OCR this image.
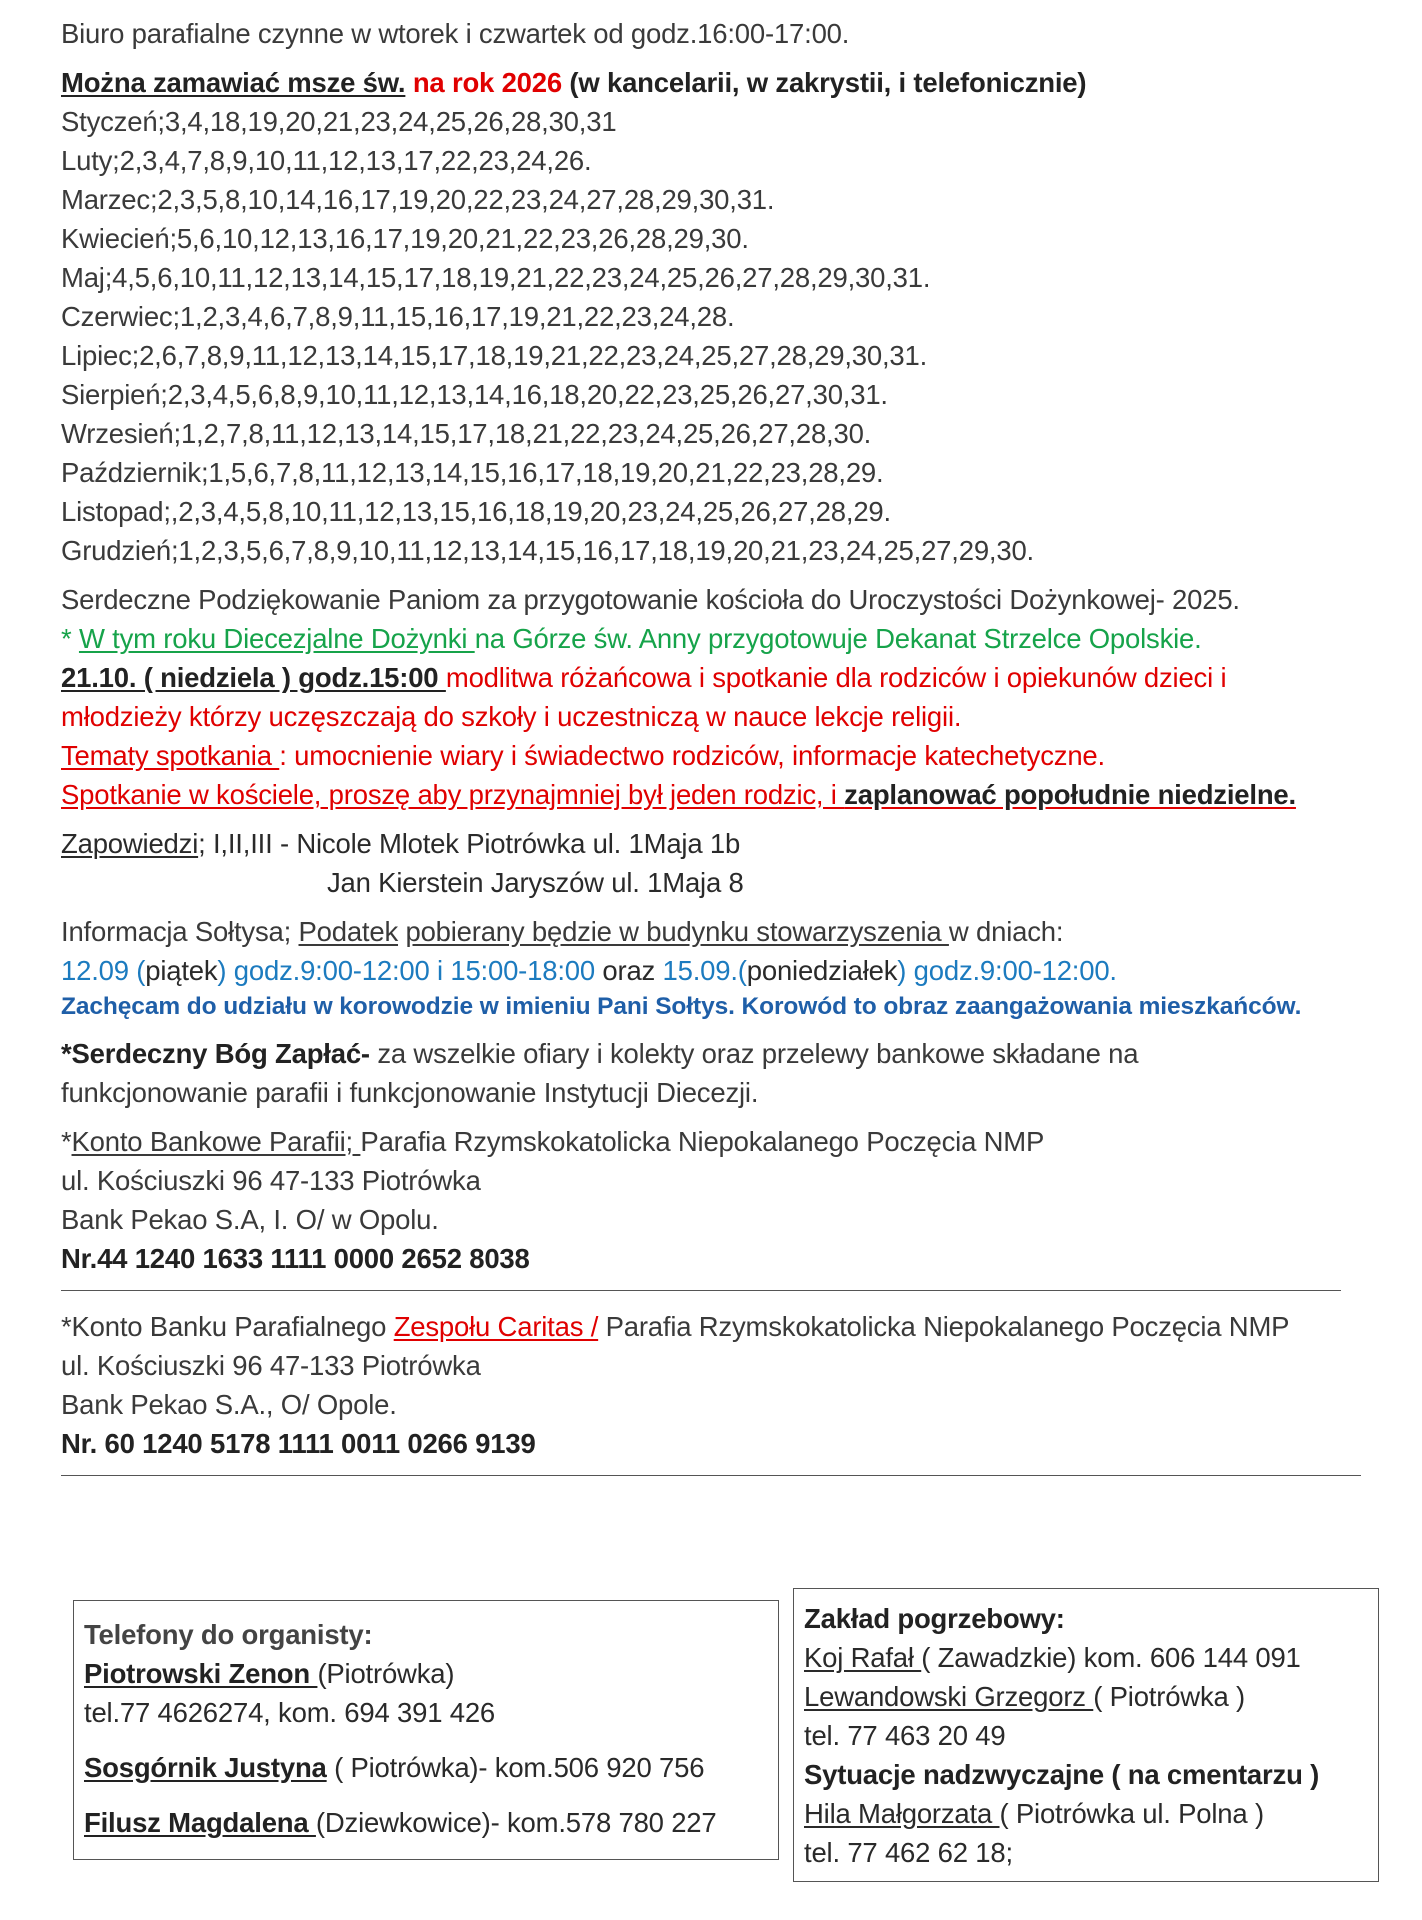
Biuro parafialne czynne w wtorek i czwartek od godz.16:00-17:00.
Można zamawiać msze św. na rok 2026 (w kancelarii, w zakrystii, i telefonicznie)
Styczeń;3,4,18,19,20,21,23,24,25,26,28,30,31
Luty;2,3,4,7,8,9,10,11,12,13,17,22,23,24,26.
Marzec;2,3,5,8,10,14,16,17,19,20,22,23,24,27,28,29,30,31.
Kwiecień;5,6,10,12,13,16,17,19,20,21,22,23,26,28,29,30.
Maj;4,5,6,10,11,12,13,14,15,17,18,19,21,22,23,24,25,26,27,28,29,30,31.
Czerwiec;1,2,3,4,6,7,8,9,11,15,16,17,19,21,22,23,24,28.
Lipiec;2,6,7,8,9,11,12,13,14,15,17,18,19,21,22,23,24,25,27,28,29,30,31.
Sierpień;2,3,4,5,6,8,9,10,11,12,13,14,16,18,20,22,23,25,26,27,30,31.
Wrzesień;1,2,7,8,11,12,13,14,15,17,18,21,22,23,24,25,26,27,28,30.
Październik;1,5,6,7,8,11,12,13,14,15,16,17,18,19,20,21,22,23,28,29.
Listopad;,2,3,4,5,8,10,11,12,13,15,16,18,19,20,23,24,25,26,27,28,29.
Grudzień;1,2,3,5,6,7,8,9,10,11,12,13,14,15,16,17,18,19,20,21,23,24,25,27,29,30.
Serdeczne Podziękowanie Paniom za przygotowanie kościoła do Uroczystości Dożynkowej- 2025.
* W tym roku Diecezjalne Dożynki na Górze św. Anny przygotowuje Dekanat Strzelce Opolskie.
21.10. ( niedziela ) godz.15:00 modlitwa różańcowa i spotkanie dla rodziców i opiekunów dzieci i
młodzieży którzy uczęszczają do szkoły i uczestniczą w nauce lekcje religii.
Tematy spotkania : umocnienie wiary i świadectwo rodziców, informacje katechetyczne.
Spotkanie w kościele, proszę aby przynajmniej był jeden rodzic, i zaplanować popołudnie niedzielne.
Zapowiedzi; I,II,III - Nicole Mlotek Piotrówka ul. 1Maja 1b
Jan Kierstein Jaryszów ul. 1Maja 8
Informacja Sołtysa; Podatek pobierany będzie w budynku stowarzyszenia w dniach:
12.09 (piątek) godz.9:00-12:00 i 15:00-18:00 oraz 15.09.(poniedziałek) godz.9:00-12:00.
Zachęcam do udziału w korowodzie w imieniu Pani Sołtys. Korowód to obraz zaangażowania mieszkańców.
*Serdeczny Bóg Zapłać- za wszelkie ofiary i kolekty oraz przelewy bankowe składane na
funkcjonowanie parafii i funkcjonowanie Instytucji Diecezji.
*Konto Bankowe Parafii; Parafia Rzymskokatolicka Niepokalanego Poczęcia NMP
ul. Kościuszki 96 47-133 Piotrówka
Bank Pekao S.A, I. O/ w Opolu.
Nr.44 1240 1633 1111 0000 2652 8038
*Konto Banku Parafialnego Zespołu Caritas / Parafia Rzymskokatolicka Niepokalanego Poczęcia NMP
ul. Kościuszki 96 47-133 Piotrówka
Bank Pekao S.A., O/ Opole.
Nr. 60 1240 5178 1111 0011 0266 9139
Telefony do organisty:
Piotrowski Zenon (Piotrówka)
tel.77 4626274, kom. 694 391 426
Sosgórnik Justyna ( Piotrówka)- kom.506 920 756
Filusz Magdalena (Dziewkowice)- kom.578 780 227
Zakład pogrzebowy:
Koj Rafał ( Zawadzkie) kom. 606 144 091
Lewandowski Grzegorz ( Piotrówka )
tel. 77 463 20 49
Sytuacje nadzwyczajne ( na cmentarzu )
Hila Małgorzata ( Piotrówka ul. Polna )
tel. 77 462 62 18;
